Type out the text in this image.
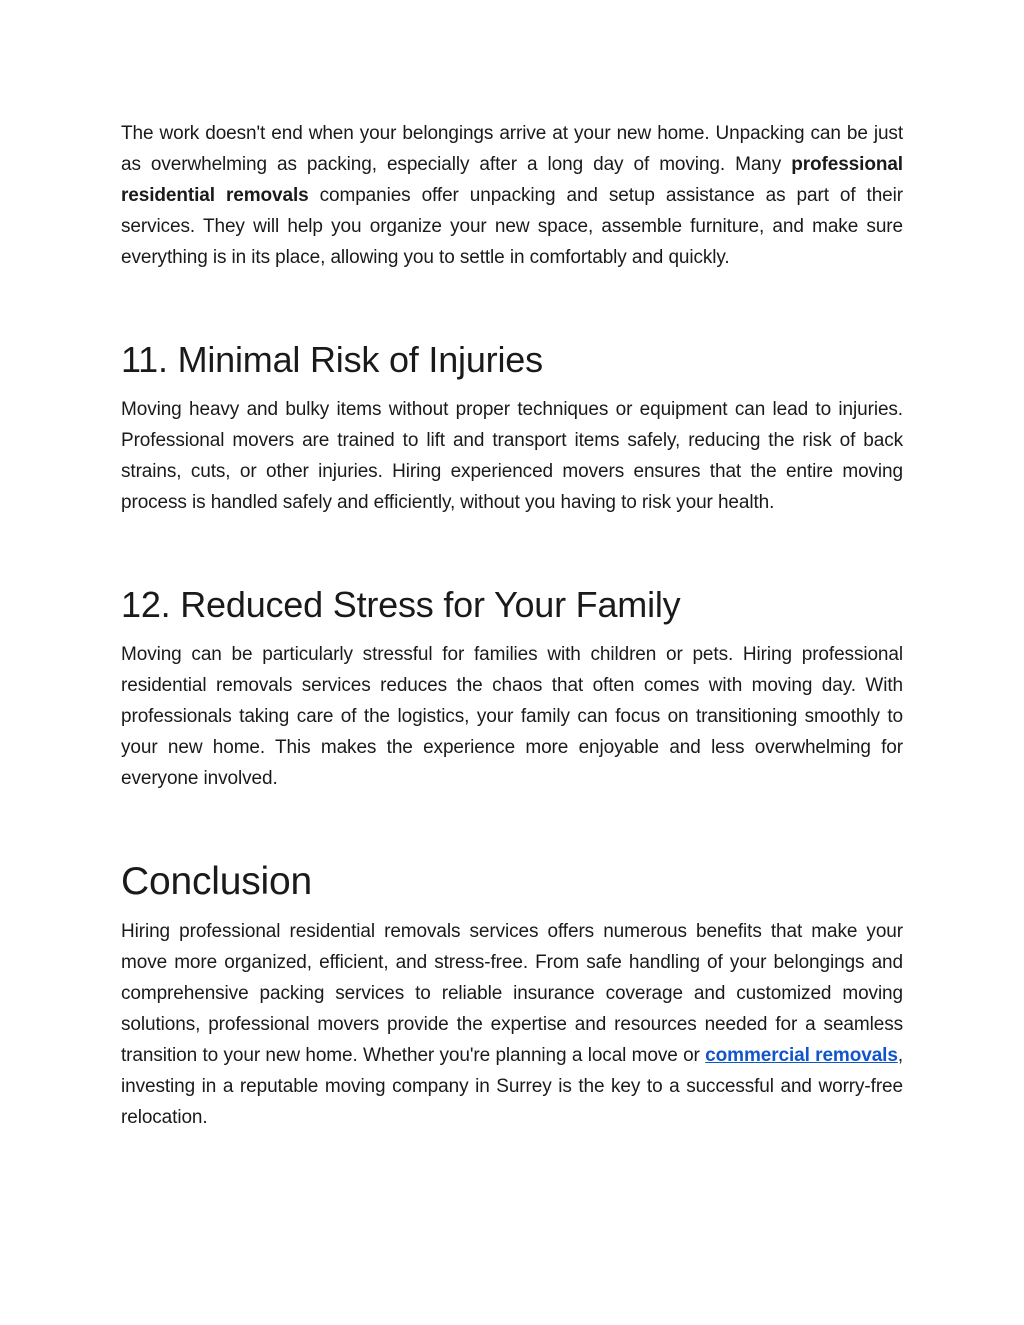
The work doesn't end when your belongings arrive at your new home. Unpacking can be just as overwhelming as packing, especially after a long day of moving. Many professional residential removals companies offer unpacking and setup assistance as part of their services. They will help you organize your new space, assemble furniture, and make sure everything is in its place, allowing you to settle in comfortably and quickly.

11. Minimal Risk of Injuries

Moving heavy and bulky items without proper techniques or equipment can lead to injuries. Professional movers are trained to lift and transport items safely, reducing the risk of back strains, cuts, or other injuries. Hiring experienced movers ensures that the entire moving process is handled safely and efficiently, without you having to risk your health.

12. Reduced Stress for Your Family

Moving can be particularly stressful for families with children or pets. Hiring professional residential removals services reduces the chaos that often comes with moving day. With professionals taking care of the logistics, your family can focus on transitioning smoothly to your new home. This makes the experience more enjoyable and less overwhelming for everyone involved.

Conclusion

Hiring professional residential removals services offers numerous benefits that make your move more organized, efficient, and stress-free. From safe handling of your belongings and comprehensive packing services to reliable insurance coverage and customized moving solutions, professional movers provide the expertise and resources needed for a seamless transition to your new home. Whether you're planning a local move or commercial removals, investing in a reputable moving company in Surrey is the key to a successful and worry-free relocation.
